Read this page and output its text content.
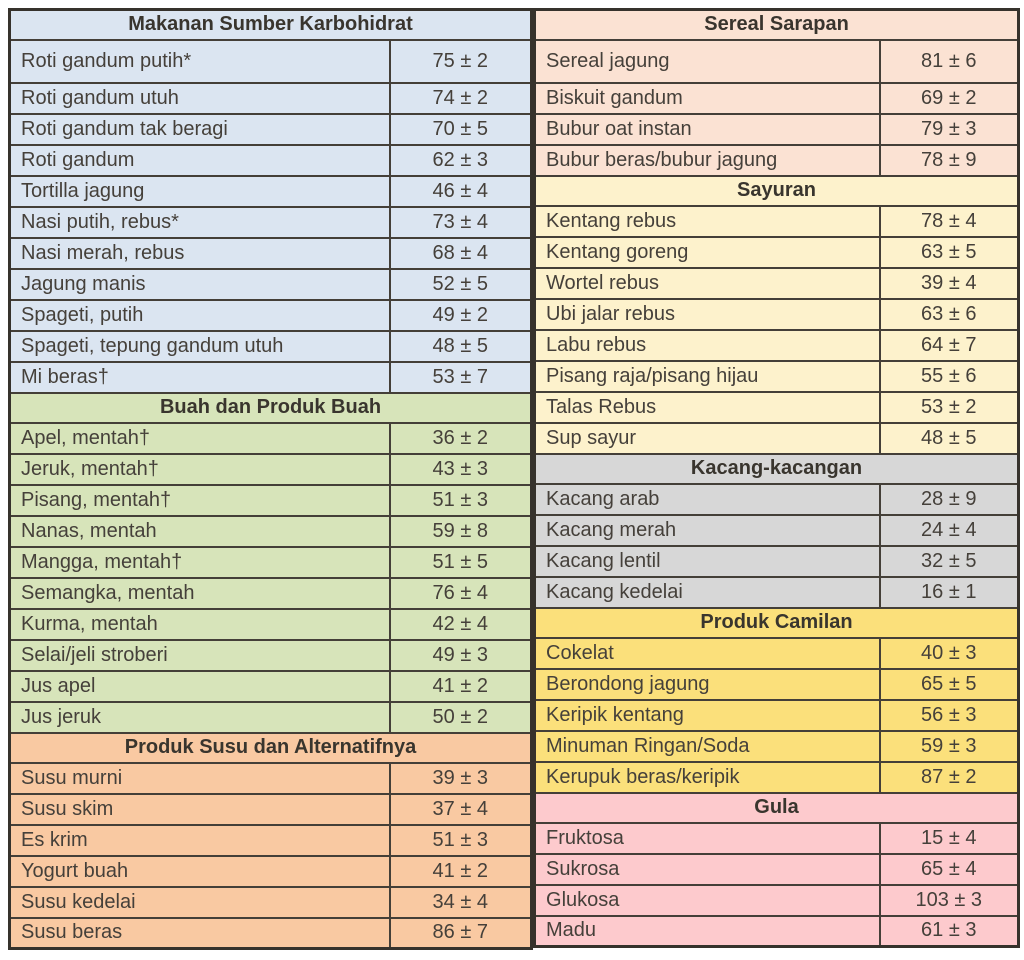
Makanan Sumber Karbohidrat	
Roti gandum putih*	75 ± 2
Roti gandum utuh	74 ± 2
Roti gandum tak beragi	70 ± 5
Roti gandum	62 ± 3
Tortilla jagung	46 ± 4
Nasi putih, rebus*	73 ± 4
Nasi merah, rebus	68 ± 4
Jagung manis	52 ± 5
Spageti, putih	49 ± 2
Spageti, tepung gandum utuh	48 ± 5
Mi beras†	53 ± 7
Buah dan Produk Buah	
Apel, mentah†	36 ± 2
Jeruk, mentah†	43 ± 3
Pisang, mentah†	51 ± 3
Nanas, mentah	59 ± 8
Mangga, mentah†	51 ± 5
Semangka, mentah	76 ± 4
Kurma, mentah	42 ± 4
Selai/jeli stroberi	49 ± 3
Jus apel	41 ± 2
Jus jeruk	50 ± 2
Produk Susu dan Alternatifnya	
Susu murni	39 ± 3
Susu skim	37 ± 4
Es krim	51 ± 3
Yogurt buah	41 ± 2
Susu kedelai	34 ± 4
Susu beras	86 ± 7
Sereal Sarapan	
Sereal jagung	81 ± 6
Biskuit gandum	69 ± 2
Bubur oat instan	79 ± 3
Bubur beras/bubur jagung	78 ± 9
Sayuran	
Kentang rebus	78 ± 4
Kentang goreng	63 ± 5
Wortel rebus	39 ± 4
Ubi jalar rebus	63 ± 6
Labu rebus	64 ± 7
Pisang raja/pisang hijau	55 ± 6
Talas Rebus	53 ± 2
Sup sayur	48 ± 5
Kacang-kacangan	
Kacang arab	28 ± 9
Kacang merah	24 ± 4
Kacang lentil	32 ± 5
Kacang kedelai	16 ± 1
Produk Camilan	
Cokelat	40 ± 3
Berondong jagung	65 ± 5
Keripik kentang	56 ± 3
Minuman Ringan/Soda	59 ± 3
Kerupuk beras/keripik	87 ± 2
Gula	
Fruktosa	15 ± 4
Sukrosa	65 ± 4
Glukosa	103 ± 3
Madu	61 ± 3
